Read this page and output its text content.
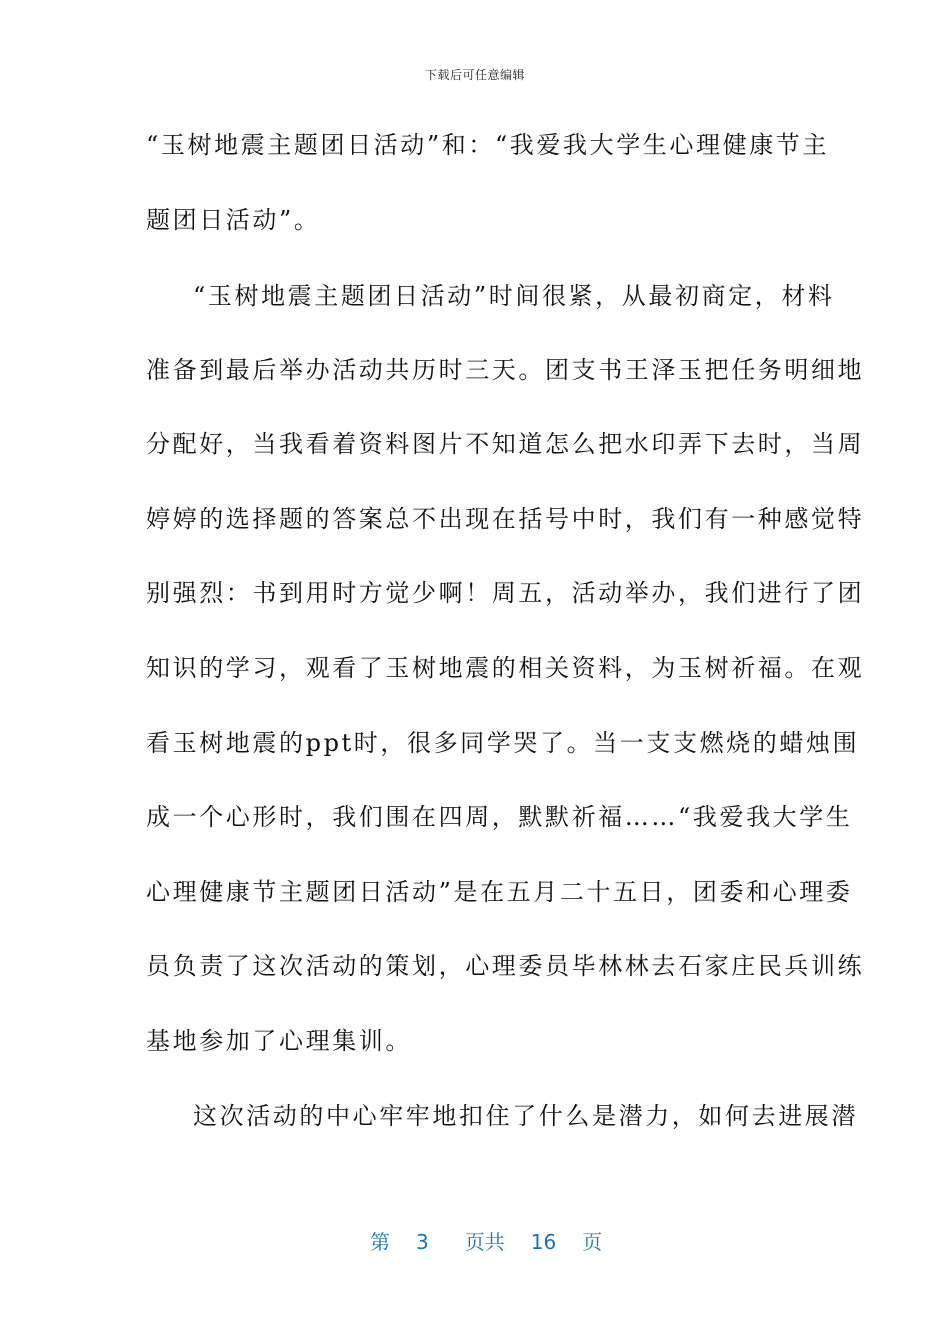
下载后可任意编辑
“玉树地震主题团日活动”和：“我爱我大学生心理健康节主
题团日活动”。
“玉树地震主题团日活动”时间很紧，从最初商定，材料
准备到最后举办活动共历时三天。团支书王泽玉把任务明细地
分配好，当我看着资料图片不知道怎么把水印弄下去时，当周
婷婷的选择题的答案总不出现在括号中时，我们有一种感觉特
别强烈：书到用时方觉少啊！周五，活动举办，我们进行了团
知识的学习，观看了玉树地震的相关资料，为玉树祈福。在观
看玉树地震的ppt时，很多同学哭了。当一支支燃烧的蜡烛围
成一个心形时，我们围在四周，默默祈福……“我爱我大学生
心理健康节主题团日活动”是在五月二十五日，团委和心理委
员负责了这次活动的策划，心理委员毕林林去石家庄民兵训练
基地参加了心理集训。
这次活动的中心牢牢地扣住了什么是潜力，如何去进展潜
第 3 页共 16 页
